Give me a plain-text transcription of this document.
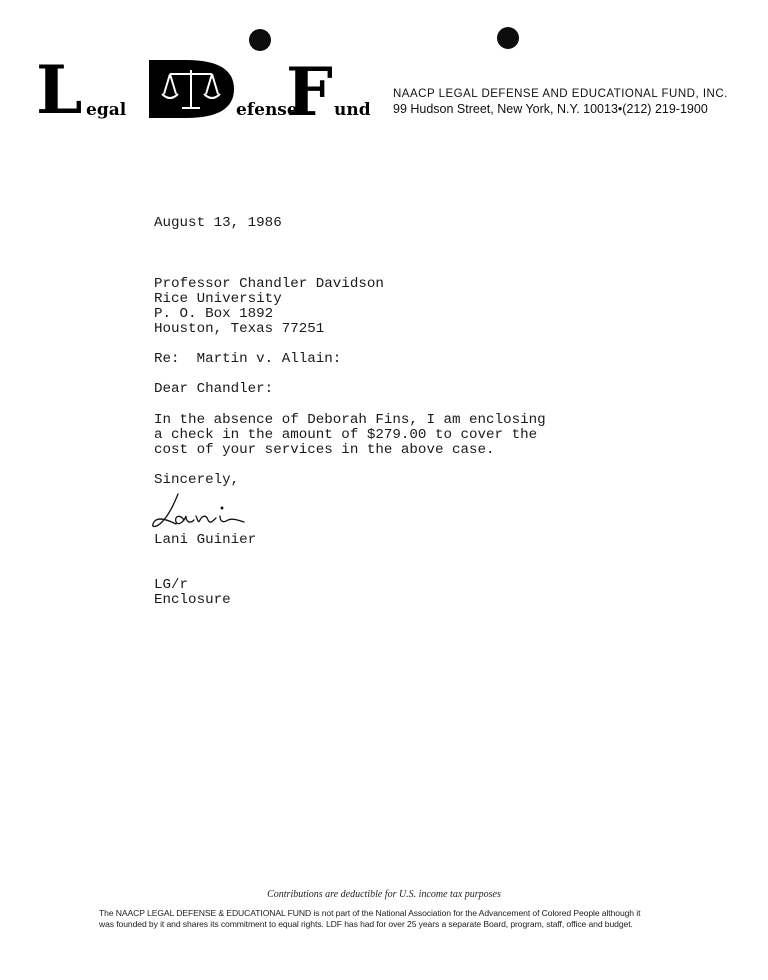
L egal	efense
F und
NAACP LEGAL DEFENSE AND EDUCATIONAL FUND, INC.
99 Hudson Street, New York, N.Y. 10013•(212) 219-1900
August 13, 1986
Professor Chandler Davidson
Rice University
P. O. Box 1892
Houston, Texas 77251
Re:  Martin v. Allain:
Dear Chandler:
In the absence of Deborah Fins, I am enclosing
a check in the amount of $279.00 to cover the
cost of your services in the above case.
Sincerely,
Lani Guinier
LG/r
Enclosure
Contributions are deductible for U.S. income tax purposes
The NAACP LEGAL DEFENSE & EDUCATIONAL FUND is not part of the National Association for the Advancement of Colored People although it
was founded by it and shares its commitment to equal rights. LDF has had for over 25 years a separate Board, program, staff, office and budget.
